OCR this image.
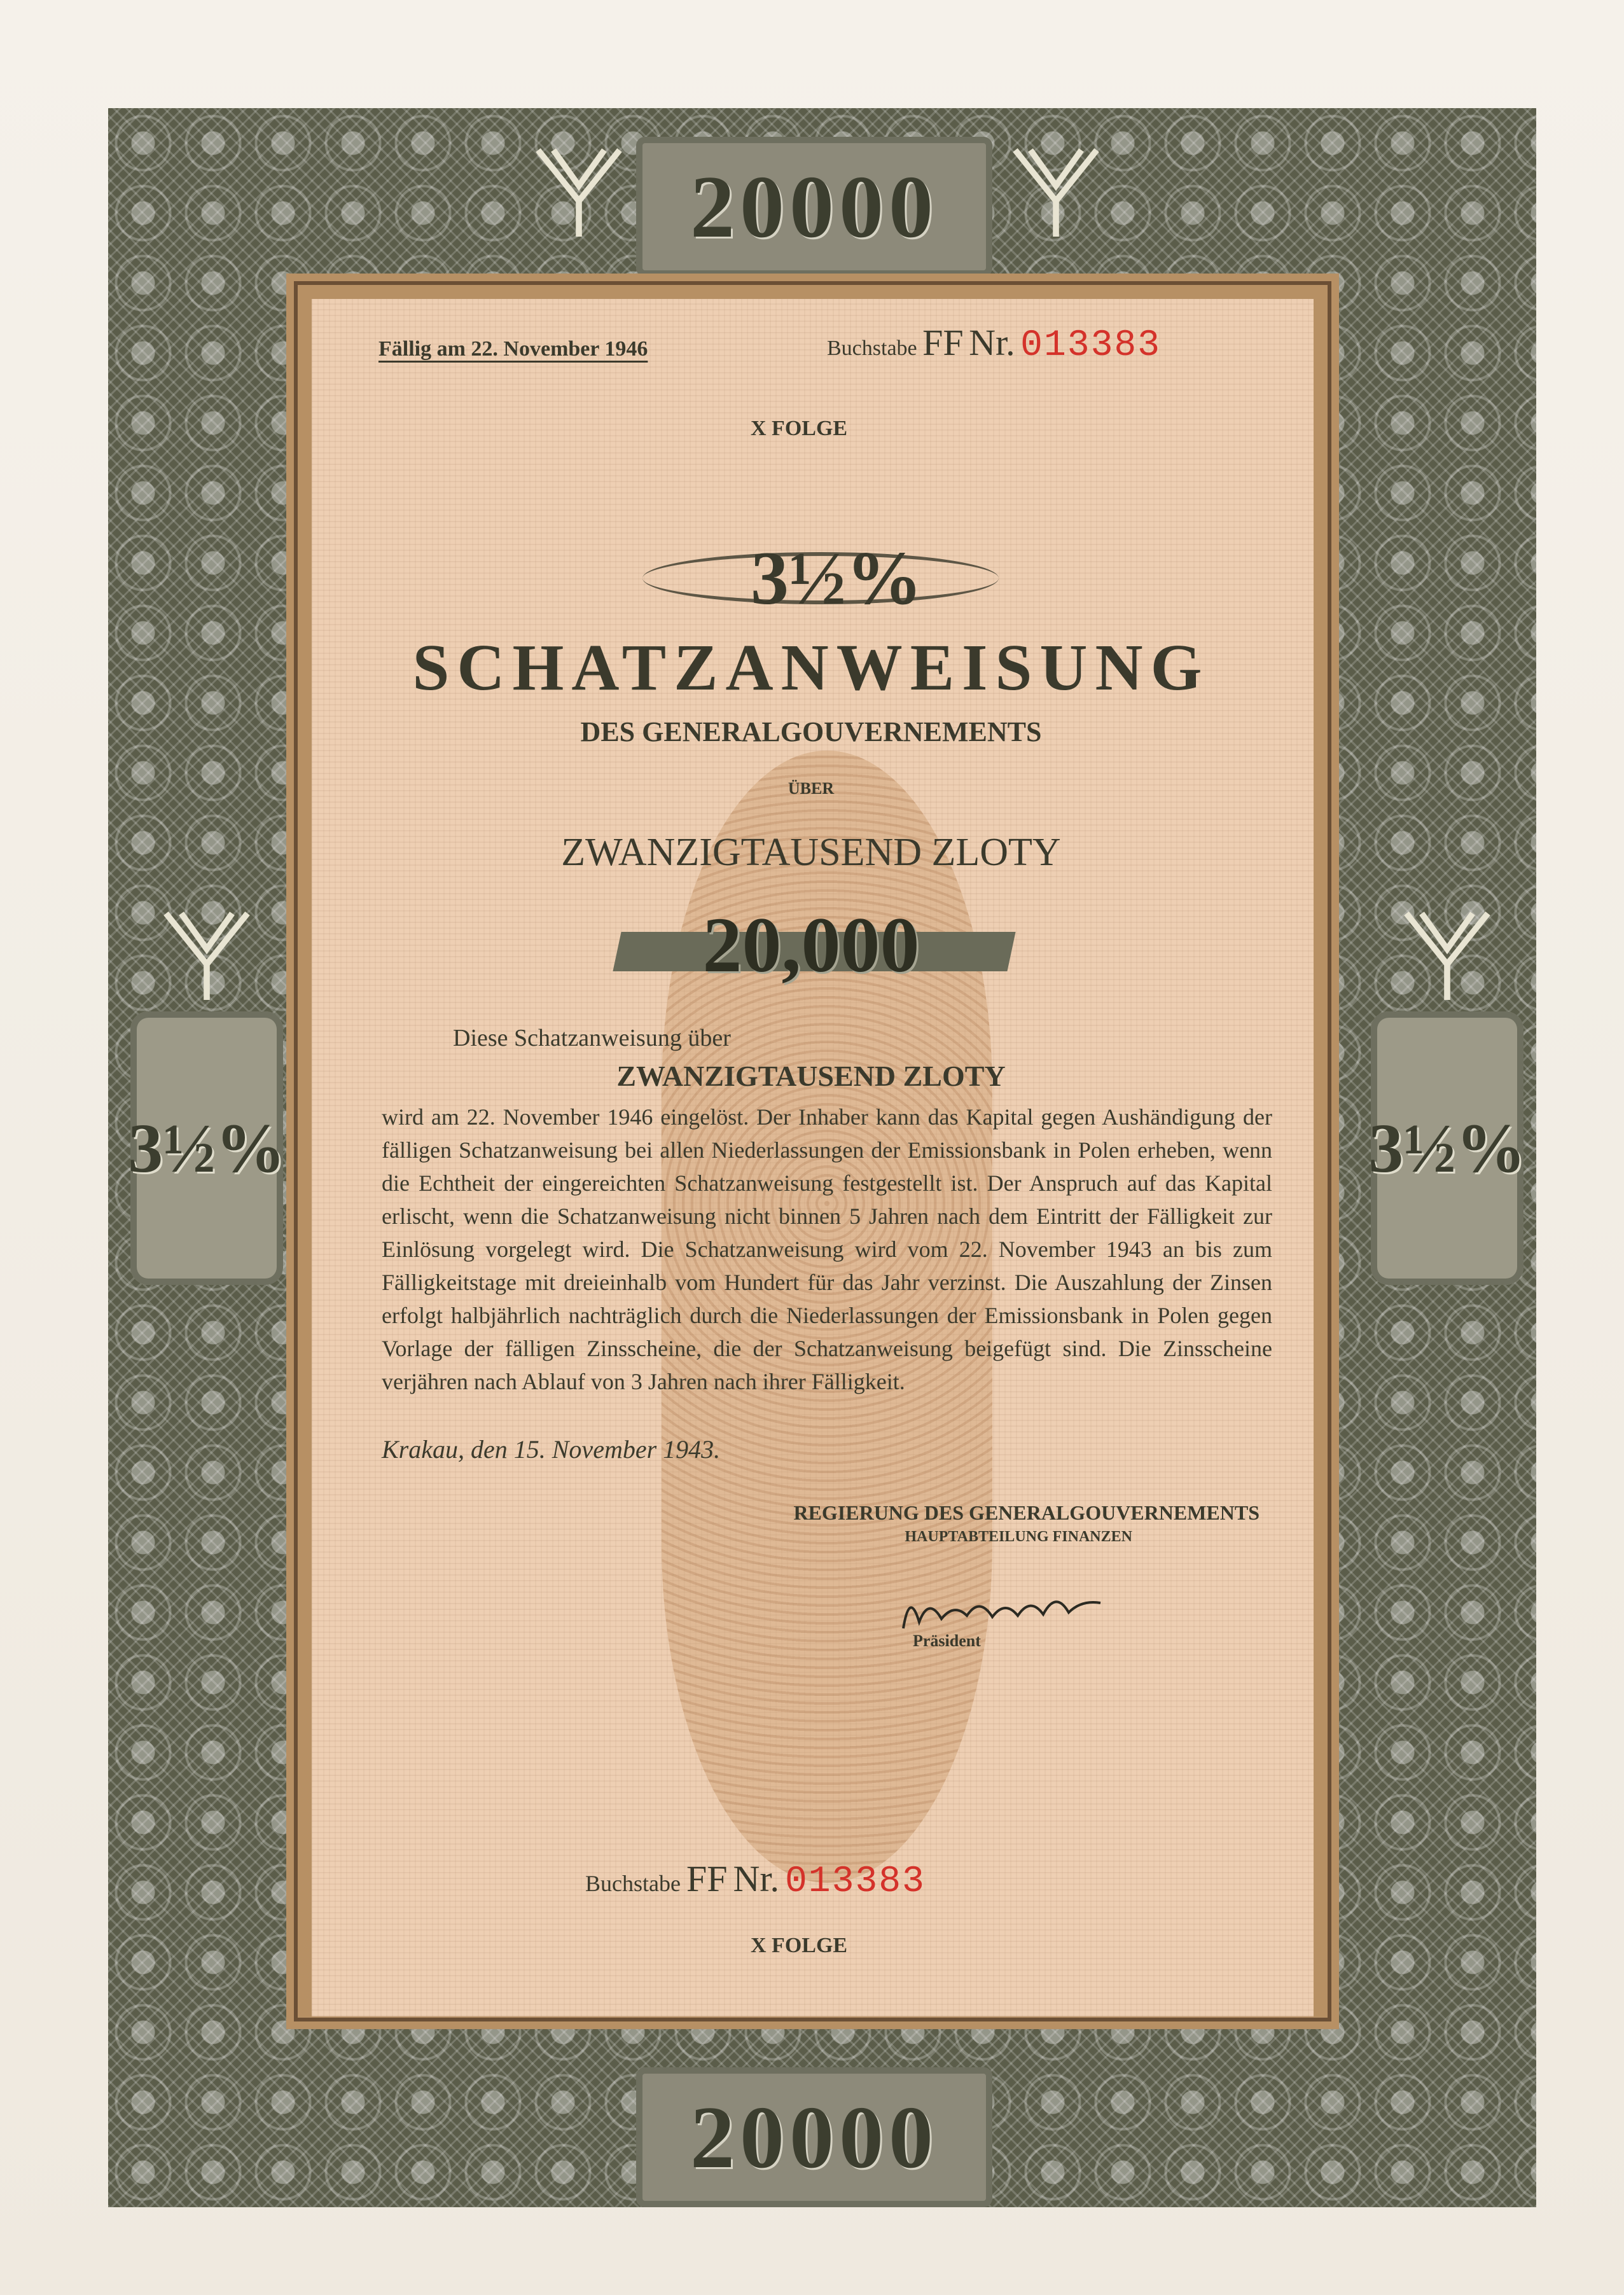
20000
20000
3½%	3½%
Fällig am 22. November 1946	Buchstabe FF Nr. 013383
X FOLGE
3½%
SCHATZANWEISUNG
DES GENERALGOUVERNEMENTS
ÜBER
ZWANZIGTAUSEND ZLOTY
20,000
Diese Schatzanweisung über
ZWANZIGTAUSEND ZLOTY
wird am 22. November 1946 eingelöst. Der Inhaber kann das Kapital gegen Aushändigung der fälligen Schatzanweisung bei allen Niederlassungen der Emissionsbank in Polen erheben, wenn die Echtheit der eingereichten Schatzanweisung festgestellt ist. Der Anspruch auf das Kapital erlischt, wenn die Schatzanweisung nicht binnen 5 Jahren nach dem Eintritt der Fälligkeit zur Einlösung vorgelegt wird. Die Schatzanweisung wird vom 22. November 1943 an bis zum Fälligkeitstage mit dreieinhalb vom Hundert für das Jahr verzinst. Die Auszahlung der Zinsen erfolgt halbjährlich nachträglich durch die Niederlassungen der Emissionsbank in Polen gegen Vorlage der fälligen Zinsscheine, die der Schatzanweisung beigefügt sind. Die Zinsscheine verjähren nach Ablauf von 3 Jahren nach ihrer Fälligkeit.
Krakau, den 15. November 1943.
REGIERUNG DES GENERALGOUVERNEMENTS
HAUPTABTEILUNG FINANZEN
Präsident
Buchstabe FF Nr. 013383
X FOLGE
